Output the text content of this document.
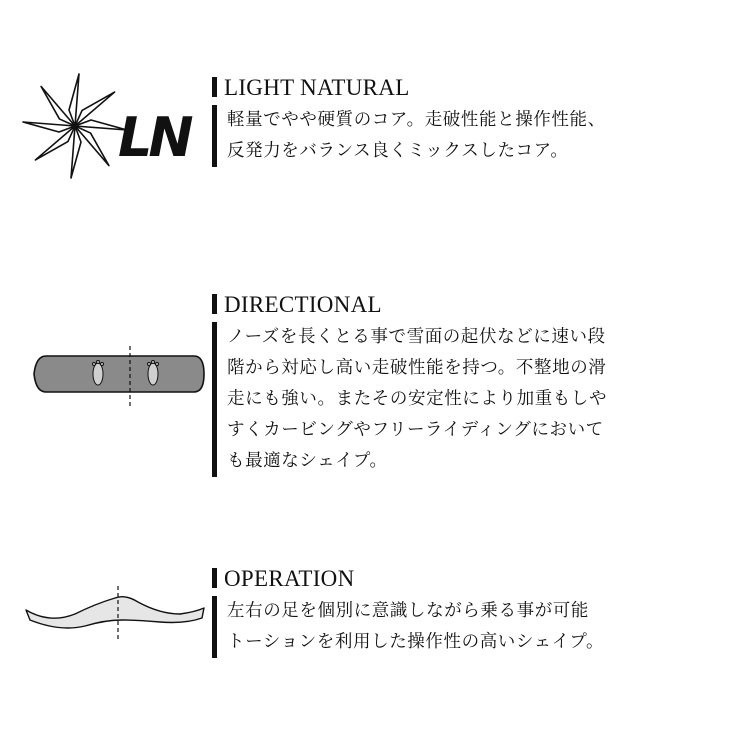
LN
LIGHT NATURAL
軽量でやや硬質のコア。走破性能と操作性能、
反発力をバランス良くミックスしたコア。
DIRECTIONAL
ノーズを長くとる事で雪面の起伏などに速い段
階から対応し高い走破性能を持つ。不整地の滑
走にも強い。またその安定性により加重もしや
すくカービングやフリーライディングにおいて
も最適なシェイプ。
OPERATION
左右の足を個別に意識しながら乗る事が可能
トーションを利用した操作性の高いシェイプ。
